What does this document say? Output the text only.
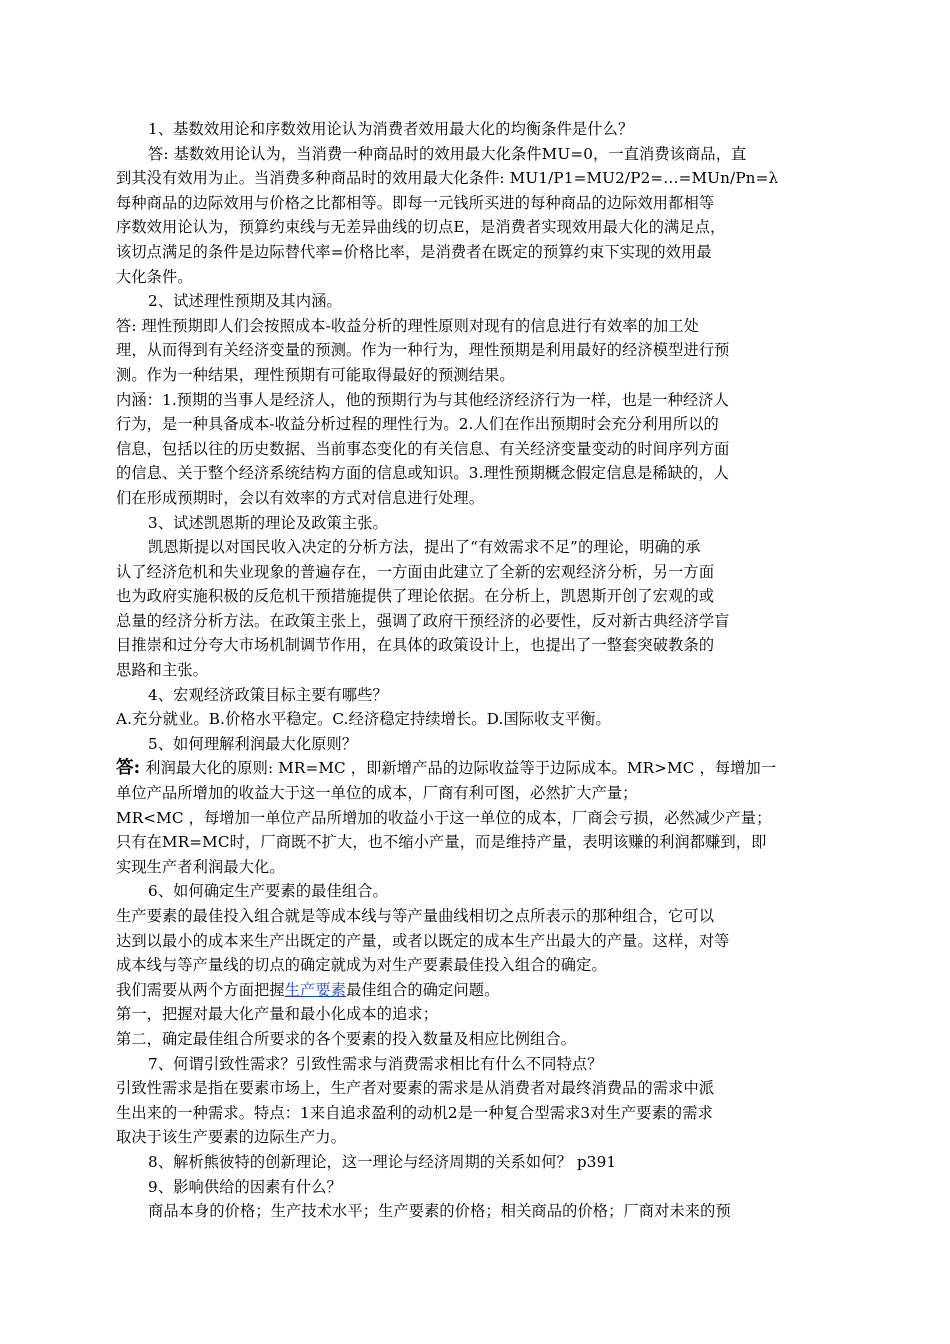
1、基数效用论和序数效用论认为消费者效用最大化的均衡条件是什么？
答: 基数效用论认为，当消费一种商品时的效用最大化条件MU=0，一直消费该商品，直
到其没有效用为止。当消费多种商品时的效用最大化条件: MU1/P1=MU2/P2=…=MUn/Pn=λ
每种商品的边际效用与价格之比都相等。即每一元钱所买进的每种商品的边际效用都相等
序数效用论认为，预算约束线与无差异曲线的切点E，是消费者实现效用最大化的满足点，
该切点满足的条件是边际替代率=价格比率，是消费者在既定的预算约束下实现的效用最
大化条件。
2、试述理性预期及其内涵。
答: 理性预期即人们会按照成本-收益分析的理性原则对现有的信息进行有效率的加工处
理，从而得到有关经济变量的预测。作为一种行为，理性预期是利用最好的经济模型进行预
测。作为一种结果，理性预期有可能取得最好的预测结果。
内涵：1.预期的当事人是经济人，他的预期行为与其他经济经济行为一样，也是一种经济人
行为，是一种具备成本-收益分析过程的理性行为。2.人们在作出预期时会充分利用所以的
信息，包括以往的历史数据、当前事态变化的有关信息、有关经济变量变动的时间序列方面
的信息、关于整个经济系统结构方面的信息或知识。3.理性预期概念假定信息是稀缺的，人
们在形成预期时，会以有效率的方式对信息进行处理。
3、试述凯恩斯的理论及政策主张。
凯恩斯提以对国民收入决定的分析方法，提出了“有效需求不足”的理论，明确的承
认了经济危机和失业现象的普遍存在，一方面由此建立了全新的宏观经济分析，另一方面
也为政府实施积极的反危机干预措施提供了理论依据。在分析上，凯恩斯开创了宏观的或
总量的经济分析方法。在政策主张上，强调了政府干预经济的必要性，反对新古典经济学盲
目推崇和过分夸大市场机制调节作用，在具体的政策设计上，也提出了一整套突破教条的
思路和主张。
4、宏观经济政策目标主要有哪些？
A.充分就业。B.价格水平稳定。C.经济稳定持续增长。D.国际收支平衡。
5、如何理解利润最大化原则？
答: 利润最大化的原则: MR=MC ，即新增产品的边际收益等于边际成本。MR>MC ，每增加一
单位产品所增加的收益大于这一单位的成本，厂商有利可图，必然扩大产量；
MR<MC ，每增加一单位产品所增加的收益小于这一单位的成本，厂商会亏损，必然减少产量；
只有在MR=MC时，厂商既不扩大，也不缩小产量，而是维持产量，表明该赚的利润都赚到，即
实现生产者利润最大化。
6、如何确定生产要素的最佳组合。
生产要素的最佳投入组合就是等成本线与等产量曲线相切之点所表示的那种组合，它可以
达到以最小的成本来生产出既定的产量，或者以既定的成本生产出最大的产量。这样，对等
成本线与等产量线的切点的确定就成为对生产要素最佳投入组合的确定。
我们需要从两个方面把握生产要素最佳组合的确定问题。
第一，把握对最大化产量和最小化成本的追求；
第二，确定最佳组合所要求的各个要素的投入数量及相应比例组合。
7、何谓引致性需求？引致性需求与消费需求相比有什么不同特点？
引致性需求是指在要素市场上，生产者对要素的需求是从消费者对最终消费品的需求中派
生出来的一种需求。特点：1来自追求盈利的动机2是一种复合型需求3对生产要素的需求
取决于该生产要素的边际生产力。
8、解析熊彼特的创新理论，这一理论与经济周期的关系如何？ p391
9、影响供给的因素有什么？
商品本身的价格；生产技术水平；生产要素的价格；相关商品的价格；厂商对未来的预
